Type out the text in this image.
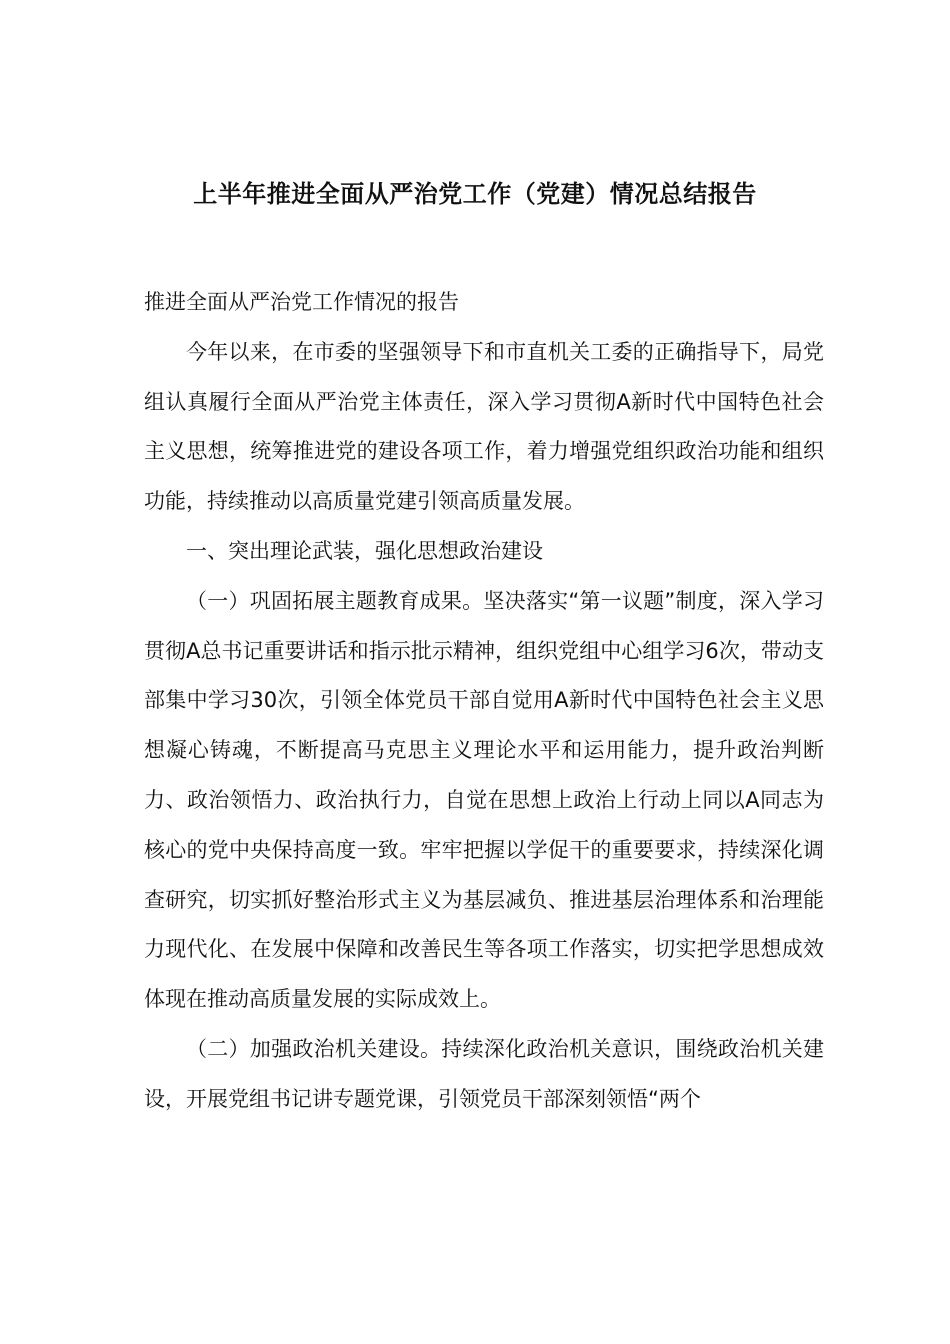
上半年推进全面从严治党工作（党建）情况总结报告

推进全面从严治党工作情况的报告

今年以来，在市委的坚强领导下和市直机关工委的正确指导下，局党组认真履行全面从严治党主体责任，深入学习贯彻A新时代中国特色社会主义思想，统筹推进党的建设各项工作，着力增强党组织政治功能和组织功能，持续推动以高质量党建引领高质量发展。

一、突出理论武装，强化思想政治建设

（一）巩固拓展主题教育成果。坚决落实“第一议题”制度，深入学习贯彻A总书记重要讲话和指示批示精神，组织党组中心组学习6次，带动支部集中学习30次，引领全体党员干部自觉用A新时代中国特色社会主义思想凝心铸魂，不断提高马克思主义理论水平和运用能力，提升政治判断力、政治领悟力、政治执行力，自觉在思想上政治上行动上同以A同志为核心的党中央保持高度一致。牢牢把握以学促干的重要要求，持续深化调查研究，切实抓好整治形式主义为基层减负、推进基层治理体系和治理能力现代化、在发展中保障和改善民生等各项工作落实，切实把学思想成效体现在推动高质量发展的实际成效上。

（二）加强政治机关建设。持续深化政治机关意识，围绕政治机关建设，开展党组书记讲专题党课，引领党员干部深刻领悟“两个
